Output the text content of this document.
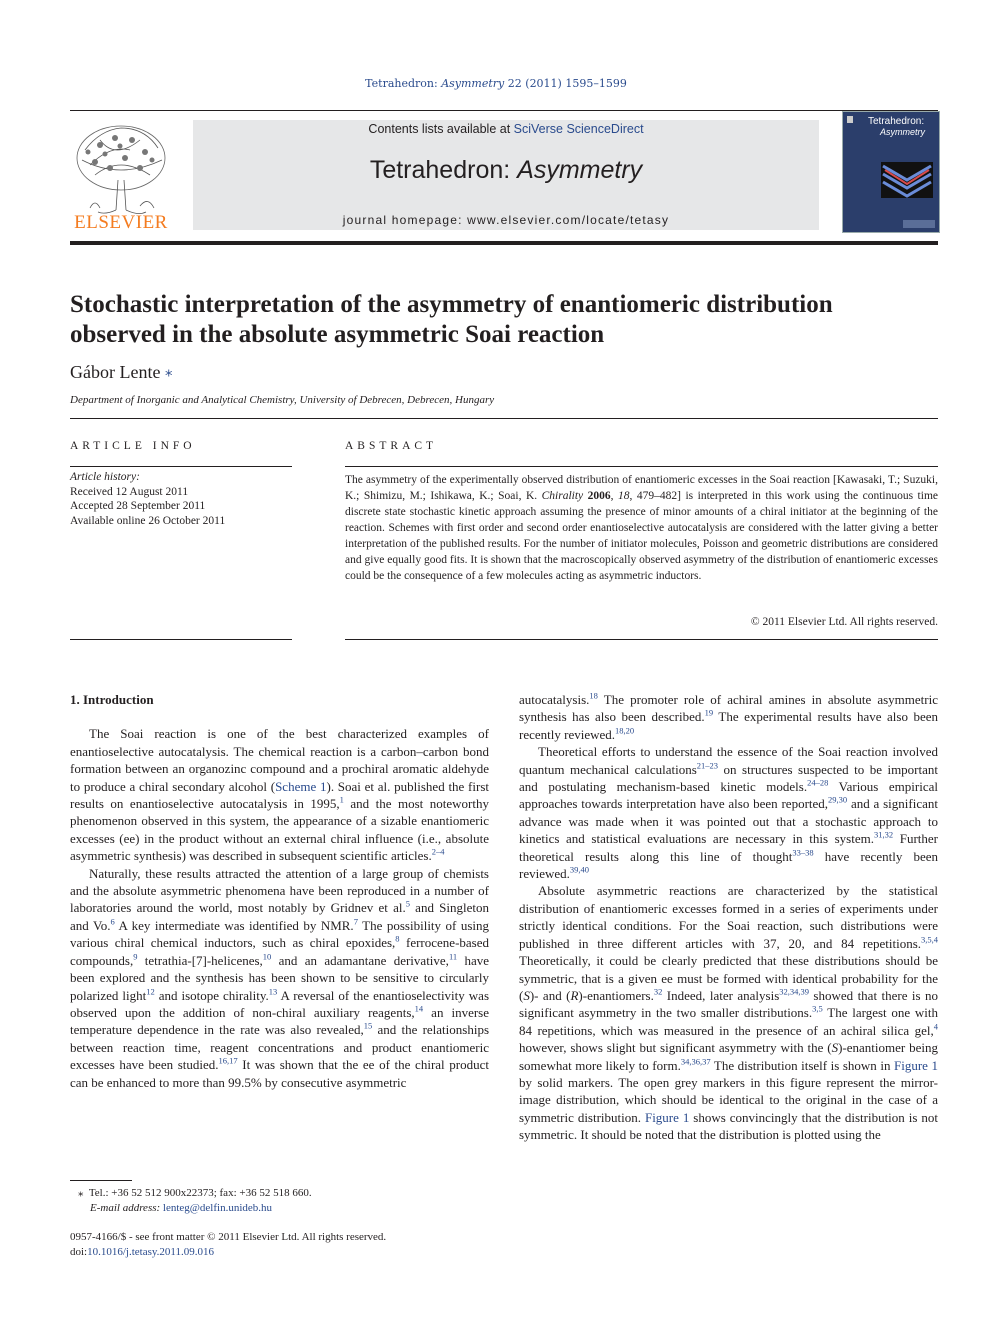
Tetrahedron: Asymmetry 22 (2011) 1595–1599
ELSEVIER
Contents lists available at SciVerse ScienceDirect
Tetrahedron: Asymmetry
journal homepage: www.elsevier.com/locate/tetasy
Tetrahedron:
Asymmetry
Stochastic interpretation of the asymmetry of enantiomeric distribution observed in the absolute asymmetric Soai reaction
Gábor Lente ⁎
Department of Inorganic and Analytical Chemistry, University of Debrecen, Debrecen, Hungary
ARTICLE INFO
Article history:
Received 12 August 2011
Accepted 28 September 2011
Available online 26 October 2011
ABSTRACT
The asymmetry of the experimentally observed distribution of enantiomeric excesses in the Soai reaction [Kawasaki, T.; Suzuki, K.; Shimizu, M.; Ishikawa, K.; Soai, K. Chirality 2006, 18, 479–482] is interpreted in this work using the continuous time discrete state stochastic kinetic approach assuming the presence of minor amounts of a chiral initiator at the beginning of the reaction. Schemes with first order and second order enantioselective autocatalysis are considered with the latter giving a better interpretation of the published results. For the number of initiator molecules, Poisson and geometric distributions are considered and give equally good fits. It is shown that the macroscopically observed asymmetry of the distribution of enantiomeric excesses could be the consequence of a few molecules acting as asymmetric inductors.
© 2011 Elsevier Ltd. All rights reserved.
1. Introduction

The Soai reaction is one of the best characterized examples of enantioselective autocatalysis. The chemical reaction is a carbon–carbon bond formation between an organozinc compound and a prochiral aromatic aldehyde to produce a chiral secondary alcohol (Scheme 1). Soai et al. published the first results on enantioselective autocatalysis in 1995,$^1$ and the most noteworthy phenomenon observed in this system, the appearance of a sizable enantiomeric excesses (ee) in the product without an external chiral influence (i.e., absolute asymmetric synthesis) was described in subsequent scientific articles.$^{2-4}$

Naturally, these results attracted the attention of a large group of chemists and the absolute asymmetric phenomena have been reproduced in a number of laboratories around the world, most notably by Gridnev et al.$^5$ and Singleton and Vo.$^6$ A key intermediate was identified by NMR.$^7$ The possibility of using various chiral chemical inductors, such as chiral epoxides,$^8$ ferrocene-based compounds,$^9$ tetrathia-[7]-helicenes,$^{10}$ and an adamantane derivative,$^{11}$ have been explored and the synthesis has been shown to be sensitive to circularly polarized light$^{12}$ and isotope chirality.$^{13}$ A reversal of the enantioselectivity was observed upon the addition of non-chiral auxiliary reagents,$^{14}$ an inverse temperature dependence in the rate was also revealed,$^{15}$ and the relationships between reaction time, reagent concentrations and product enantiomeric excesses have been studied.$^{16,17}$ It was shown that the ee of the chiral product can be enhanced to more than 99.5% by consecutive asymmetric

autocatalysis.$^{18}$ The promoter role of achiral amines in absolute asymmetric synthesis has also been described.$^{19}$ The experimental results have also been recently reviewed.$^{18,20}$

Theoretical efforts to understand the essence of the Soai reaction involved quantum mechanical calculations$^{21-23}$ on structures suspected to be important and postulating mechanism-based kinetic models.$^{24-28}$ Various empirical approaches towards interpretation have also been reported,$^{29,30}$ and a significant advance was made when it was pointed out that a stochastic approach to kinetics and statistical evaluations are necessary in this system.$^{31,32}$ Further theoretical results along this line of thought$^{33-38}$ have recently been reviewed.$^{39,40}$

Absolute asymmetric reactions are characterized by the statistical distribution of enantiomeric excesses formed in a series of experiments under strictly identical conditions. For the Soai reaction, such distributions were published in three different articles with 37, 20, and 84 repetitions.$^{3,5,4}$ Theoretically, it could be clearly predicted that these distributions should be symmetric, that is a given ee must be formed with identical probability for the (S)- and (R)-enantiomers.$^{32}$ Indeed, later analysis$^{32,34,39}$ showed that there is no significant asymmetry in the two smaller distributions.$^{3,5}$ The largest one with 84 repetitions, which was measured in the presence of an achiral silica gel,$^4$ however, shows slight but significant asymmetry with the (S)-enantiomer being somewhat more likely to form.$^{34,36,37}$ The distribution itself is shown in Figure 1 by solid markers. The open grey markers in this figure represent the mirror-image distribution, which should be identical to the original in the case of a symmetric distribution. Figure 1 shows convincingly that the distribution is not symmetric. It should be noted that the distribution is plotted using the

⁎ Tel.: +36 52 512 900x22373; fax: +36 52 518 660.
E-mail address: lenteg@delfin.unideb.hu
0957-4166/$ - see front matter © 2011 Elsevier Ltd. All rights reserved.
doi:10.1016/j.tetasy.2011.09.016
